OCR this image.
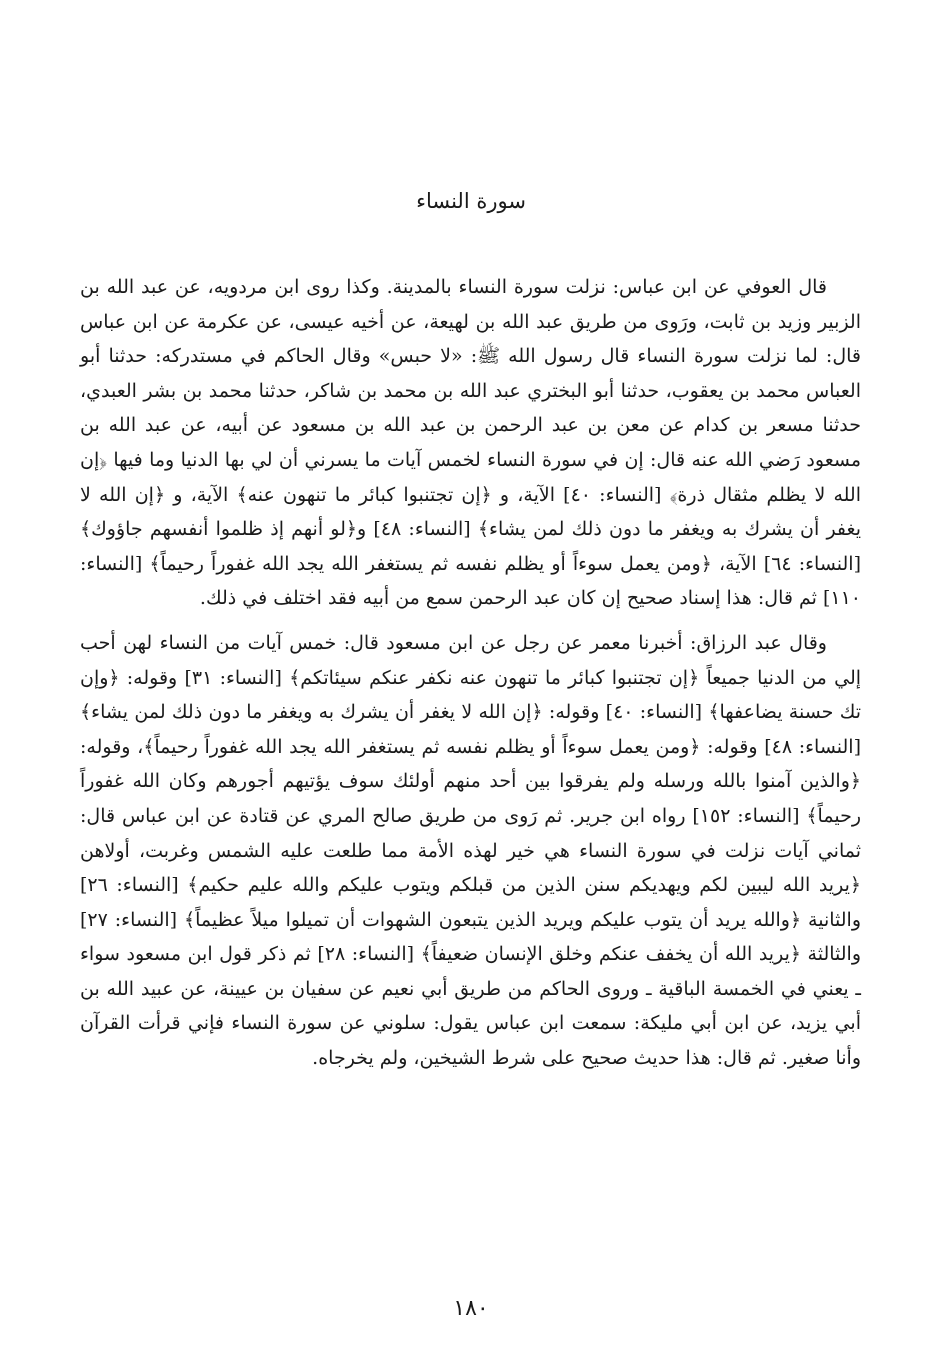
سورة النساء

قال العوفي عن ابن عباس: نزلت سورة النساء بالمدينة. وكذا روى ابن مردويه، عن عبد الله بن الزبير وزيد بن ثابت، ورَوى من طريق عبد الله بن لهيعة، عن أخيه عيسى، عن عكرمة عن ابن عباس قال: لما نزلت سورة النساء قال رسول الله ﷺ: «لا حبس» وقال الحاكم في مستدركه: حدثنا أبو العباس محمد بن يعقوب، حدثنا أبو البختري عبد الله بن محمد بن شاكر، حدثنا محمد بن بشر العبدي، حدثنا مسعر بن كدام عن معن بن عبد الرحمن بن عبد الله بن مسعود عن أبيه، عن عبد الله بن مسعود رَضي الله عنه قال: إن في سورة النساء لخمس آيات ما يسرني أن لي بها الدنيا وما فيها ﴿إن الله لا يظلم مثقال ذرة﴾ [النساء: ٤٠] الآية، و ﴿إن تجتنبوا كبائر ما تنهون عنه﴾ الآية، و ﴿إن الله لا يغفر أن يشرك به ويغفر ما دون ذلك لمن يشاء﴾ [النساء: ٤٨] و﴿لو أنهم إذ ظلموا أنفسهم جاؤوك﴾ [النساء: ٦٤] الآية، ﴿ومن يعمل سوءاً أو يظلم نفسه ثم يستغفر الله يجد الله غفوراً رحيماً﴾ [النساء: ١١٠] ثم قال: هذا إسناد صحيح إن كان عبد الرحمن سمع من أبيه فقد اختلف في ذلك.

وقال عبد الرزاق: أخبرنا معمر عن رجل عن ابن مسعود قال: خمس آيات من النساء لهن أحب إلي من الدنيا جميعاً ﴿إن تجتنبوا كبائر ما تنهون عنه نكفر عنكم سيئاتكم﴾ [النساء: ٣١] وقوله: ﴿وإن تك حسنة يضاعفها﴾ [النساء: ٤٠] وقوله: ﴿إن الله لا يغفر أن يشرك به ويغفر ما دون ذلك لمن يشاء﴾ [النساء: ٤٨] وقوله: ﴿ومن يعمل سوءاً أو يظلم نفسه ثم يستغفر الله يجد الله غفوراً رحيماً﴾، وقوله: ﴿والذين آمنوا بالله ورسله ولم يفرقوا بين أحد منهم أولئك سوف يؤتيهم أجورهم وكان الله غفوراً رحيماً﴾ [النساء: ١٥٢] رواه ابن جرير. ثم رَوى من طريق صالح المري عن قتادة عن ابن عباس قال: ثماني آيات نزلت في سورة النساء هي خير لهذه الأمة مما طلعت عليه الشمس وغربت، أولاهن ﴿يريد الله ليبين لكم ويهديكم سنن الذين من قبلكم ويتوب عليكم والله عليم حكيم﴾ [النساء: ٢٦] والثانية ﴿والله يريد أن يتوب عليكم ويريد الذين يتبعون الشهوات أن تميلوا ميلاً عظيماً﴾ [النساء: ٢٧] والثالثة ﴿يريد الله أن يخفف عنكم وخلق الإنسان ضعيفاً﴾ [النساء: ٢٨] ثم ذكر قول ابن مسعود سواء ـ يعني في الخمسة الباقية ـ وروى الحاكم من طريق أبي نعيم عن سفيان بن عيينة، عن عبيد الله بن أبي يزيد، عن ابن أبي مليكة: سمعت ابن عباس يقول: سلوني عن سورة النساء فإني قرأت القرآن وأنا صغير. ثم قال: هذا حديث صحيح على شرط الشيخين، ولم يخرجاه.

١٨٠
